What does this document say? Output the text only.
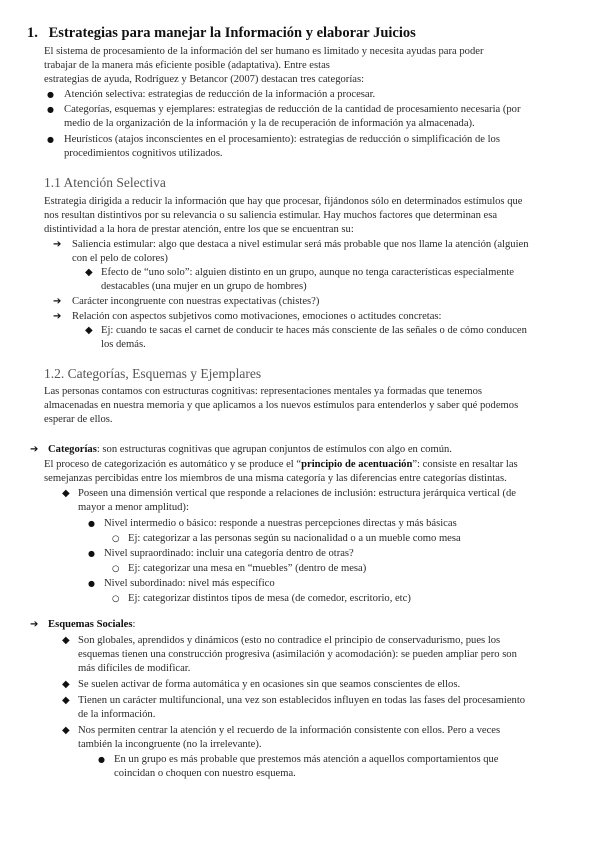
1. Estrategias para manejar la Información y elaborar Juicios
El sistema de procesamiento de la información del ser humano es limitado y necesita ayudas para poder
trabajar de la manera más eficiente posible (adaptativa). Entre estas
estrategias de ayuda, Rodríguez y Betancor (2007) destacan tres categorías:
● Atención selectiva: estrategias de reducción de la información a procesar.
● Categorías, esquemas y ejemplares: estrategias de reducción de la cantidad de procesamiento necesaria (por
medio de la organización de la información y la de recuperación de información ya almacenada).
● Heurísticos (atajos inconscientes en el procesamiento): estrategias de reducción o simplificación de los
procedimientos cognitivos utilizados.
1.1 Atención Selectiva
Estrategia dirigida a reducir la información que hay que procesar, fijándonos sólo en determinados estímulos que
nos resultan distintivos por su relevancia o su saliencia estimular. Hay muchos factores que determinan esa
distintividad a la hora de prestar atención, entre los que se encuentran su:
➔ Saliencia estimular: algo que destaca a nivel estimular será más probable que nos llame la atención (alguien
con el pelo de colores)
◆ Efecto de “uno solo”: alguien distinto en un grupo, aunque no tenga características especialmente
destacables (una mujer en un grupo de hombres)
➔ Carácter incongruente con nuestras expectativas (chistes?)
➔ Relación con aspectos subjetivos como motivaciones, emociones o actitudes concretas:
◆ Ej: cuando te sacas el carnet de conducir te haces más consciente de las señales o de cómo conducen
los demás.
1.2. Categorías, Esquemas y Ejemplares
Las personas contamos con estructuras cognitivas: representaciones mentales ya formadas que tenemos
almacenadas en nuestra memoria y que aplicamos a los nuevos estímulos para entenderlos y saber qué podemos
esperar de ellos.
➔ Categorías: son estructuras cognitivas que agrupan conjuntos de estímulos con algo en común.
El proceso de categorización es automático y se produce el “principio de acentuación”: consiste en resaltar las
semejanzas percibidas entre los miembros de una misma categoría y las diferencias entre categorías distintas.
◆ Poseen una dimensión vertical que responde a relaciones de inclusión: estructura jerárquica vertical (de
mayor a menor amplitud):
● Nivel intermedio o básico: responde a nuestras percepciones directas y más básicas
○ Ej: categorizar a las personas según su nacionalidad o a un mueble como mesa
● Nivel supraordinado: incluir una categoría dentro de otras?
○ Ej: categorizar una mesa en “muebles” (dentro de mesa)
● Nivel subordinado: nivel más específico
○ Ej: categorizar distintos tipos de mesa (de comedor, escritorio, etc)
➔ Esquemas Sociales:
◆ Son globales, aprendidos y dinámicos (esto no contradice el principio de conservadurismo, pues los
esquemas tienen una construcción progresiva (asimilación y acomodación): se pueden ampliar pero son
más difíciles de modificar.
◆ Se suelen activar de forma automática y en ocasiones sin que seamos conscientes de ellos.
◆ Tienen un carácter multifuncional, una vez son establecidos influyen en todas las fases del procesamiento
de la información.
◆ Nos permiten centrar la atención y el recuerdo de la información consistente con ellos. Pero a veces
también la incongruente (no la irrelevante).
● En un grupo es más probable que prestemos más atención a aquellos comportamientos que
coincidan o choquen con nuestro esquema.
